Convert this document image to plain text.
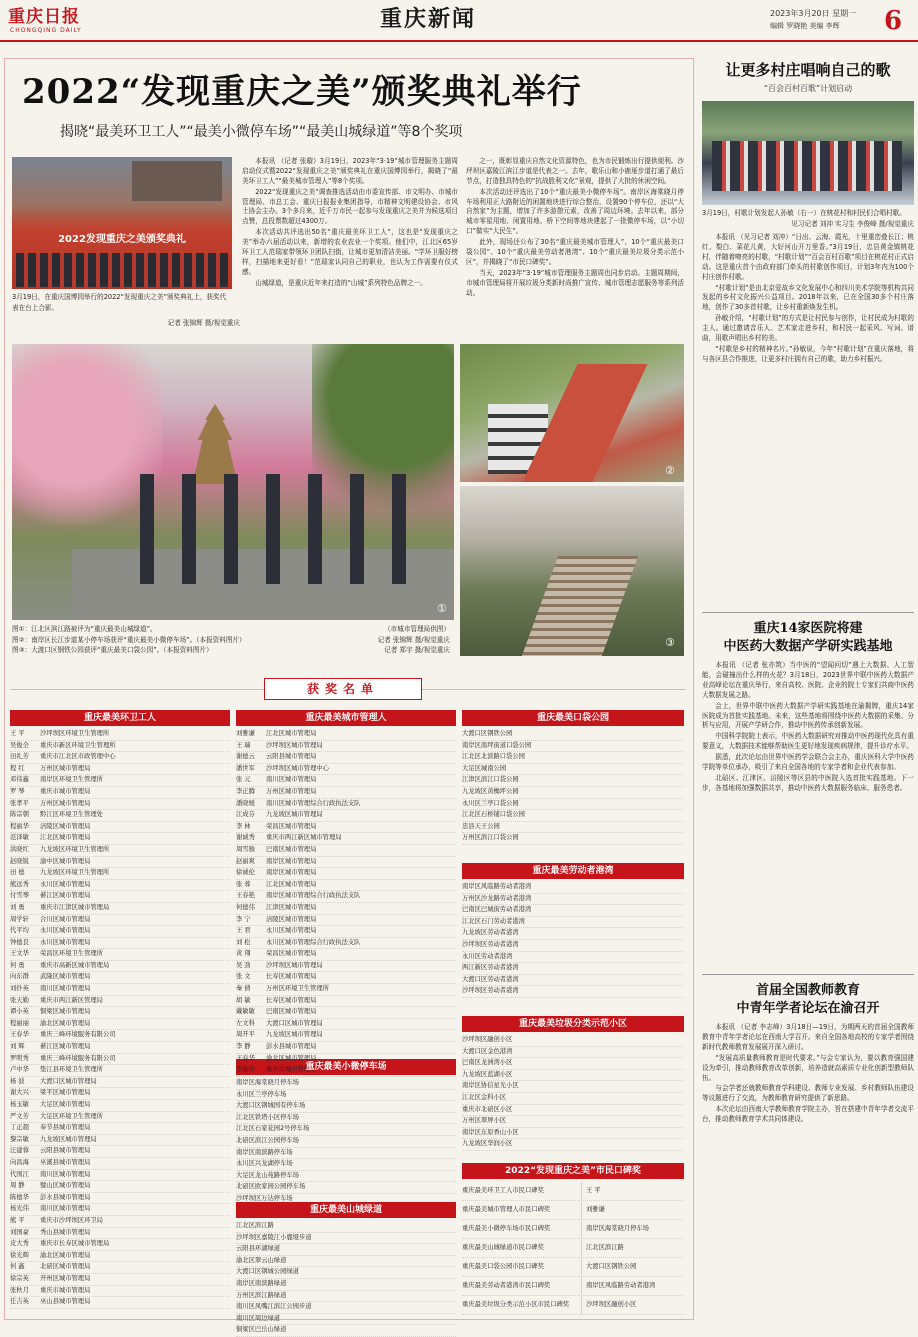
重庆日报
CHONGQING DAILY	重庆新闻	2023年3月20日 星期一
编辑 罗晓艳 美编 李辉 6
2022“发现重庆之美”颁奖典礼举行
揭晓“最美环卫工人”“最美小微停车场”“最美山城绿道”等8个奖项
2022发现重庆之美颁奖典礼
3月19日，在重庆国博园举行的2022“发现重庆之美”颁奖典礼上，获奖代表在台上合影。
记者 张锦辉 摄/视觉重庆

本报讯 （记者 张璇）3月19日，2023年“3·19”城市管理服务主题周启动仪式暨2022“发现重庆之美”颁奖典礼在重庆国博园举行，揭晓了“最美环卫工人”“最美城市管理人”等8个奖项。

2022“发现重庆之美”调查推选活动由市委宣传部、市文明办、市城市管理局、市总工会、重庆日报报业集团指导，市精神文明建设协会、市风土协会主办。3个多月来，近千万市民一起参与发现重庆之美并为候选项目点赞，总投票数超过4300万。

本次活动共评选出50名“重庆最美环卫工人”，这也是“发现重庆之美”举办六届活动以来，新增的农业农业一个奖项。他们中，江北区65岁环卫工人范瑞家带领环卫团队扫街，让城市更加清洁美丽。“学环卫服好榜样，扫描地来更好看！”范瑞家认同自己的职业，也认为工作需要有仪式感。

山城绿道，是重庆近年来打造的“山城”系列特色品牌之一。

之一，既彰显重庆自然文化资源特色，也为市民锻炼出行提供便利。沙坪坝区嘉陵江滨江步道是代表之一。去年，歌乐山和小鹿垭步道打通了最后节点，打造独具特色的“抗战胜利文化”景观，提供了大批的休闲空间。

本次活动还评选出了10个“重庆最美小微停车场”。南岸区海棠晓月停车场利用正大路附近的闲置地块进行综合整治，设置90个停车位，还以“大自然家”为主题，增加了许多游憩元素，改善了周边环境。去年以来，部分城市零星用地、闲置用地、桥下空间等地块建起了一批微停车场，以“小切口”做实“大民生”。

此外，现场还公布了30名“重庆最美城市管理人”、10个“重庆最美口袋公园”、10个“重庆最美劳动者港湾”、10个“重庆最美垃圾分类示范小区”，并揭晓了“市民口碑奖”。

当天，2023年“3·19”城市管理服务主题周也同步启动。主题周期间，市城市管理局将开展垃圾分类新时尚推广宣传、城市管理志愿服务等系列活动。

①
②
③
图①：江北区滨江路被评为“重庆最美山城绿道”。
图②：南岸区长江步道某小停车场获评“重庆最美小微停车场”。（本报资料图片）
图③：大渡口区钢铁公园获评“重庆最美口袋公园”。（本报资料图片）
（市城市管理局供图）
记者 张锦辉 摄/视觉重庆
记者 郑宇 摄/视觉重庆
获奖名单
重庆最美环卫工人
王 平	沙坪坝区环境卫生管理所
吴俊全	重庆市新区环境卫生管理所
田礼芳	重庆市江北区市政管理中心
程 红	万州区城市管理局
邓伟鑫	南岸区环境卫生管理所
罗 琴	重庆市城市管理局
张孝平	万州区城市管理局
陈宗朝	黔江区环境卫生管理处
程丽华	涪陵区城市管理局
范泽敏	江北区城市管理局
洪晓红	九龙坡区环境卫生管理所
赵晓锐	渝中区城市管理局
田 德	九龙坡区环境卫生管理所
熊远秀	永川区城市管理局
付雪琴	綦江区城市管理局
刘 勇	重庆市江津区城市管理局
周学轩	合川区城市管理局
代平均	永川区城市管理局
钟德良	永川区城市管理局
王文华	荣昌区环境卫生管理所
何 勇	重庆市高新区城市管理局
向东群	武隆区城市管理局
刘扑英	南川区城市管理局
张天勤	重庆市两江新区管理局
谭小英	铜梁区城市管理局
程丽丽	渝北区城市管理局
王春华	重庆三峰环境服务有限公司
刘 辉	綦江区城市管理局
罗明秀	重庆三峰环境服务有限公司
卢中华	垫江县环境卫生管理所
杨 波	大渡口区城市管理局
谢大兴	梁平区城市管理局
杨玉敏	大足区城市管理局
严文芳	大足区环境卫生管理所
丁正超	奉节县城市管理局
黎宗敏	九龙坡区城市管理局
汪建蓉	云阳县城市管理局
向昌海	巫溪县城市管理局
代国江	南川区城市管理局
周 静	璧山区城市管理局
陈德华	彭水县城市管理局
杨光伟	南川区城市管理局
熊 平	重庆市沙坪坝区环卫局
刘国豪	秀山县城市管理局
皮大秀	重庆市长寿区城市管理局
徐光辉	渝北区城市管理局
何 鑫	北碚区城市管理局
徐宗英	开州区城市管理局
张秋月	重庆市城市管理局
任吉英	巫山县城市管理局
重庆最美城市管理人
刘雅谦	江北区城市管理局
王 瑞	沙坪坝区城市管理局
谢德云	云阳县城市管理局
潘世军	沙坪坝区城市管理中心
张 元	南川区城市管理局
李正腾	万州区城市管理局
潘晓媛	南川区城市管理综合行政执法支队
江成芬	九龙坡区城市管理局
李 林	荣昌区城市管理局
谢诚秀	重庆市两江新区城市管理局
周雪骏	巴南区城市管理局
赵丽爽	南岸区城市管理局
徐诚伦	南岸区城市管理局
张 蓉	江北区城市管理局
王春艳	南岸区城市管理综合行政执法支队
何德伟	江津区城市管理局
李 宁	涪陵区城市管理局
王 君	永川区城市管理局
刘 松	永川区城市管理综合行政执法支队
黄 翔	荣昌区城市管理局
吴 劲	沙坪坝区城市管理局
张 文	长寿区城市管理局
秦 倩	万州区环境卫生管理所
胡 敏	长寿区城市管理局
戴敏敏	巴南区城市管理局
左文科	大渡口区城市管理局
周开平	九龙坡区城市管理局
李 静	彭水县城市管理局
王春华	渝北区城市管理局
李艳伶	重庆市城市管理局
重庆最美小微停车场
南岸区海棠晓月停车场
永川区兰亭停车场
大渡口区钢城国有停车场
江北区铁塔小区停车场
江北区石家花园2号停车场
北碚区滨江公园停车场
南岸区南滨路停车场
永川区兴龙湖停车场
大足区龙山苑路停车场
北碚区欧家园公园停车场
沙坪坝区万达停车场
重庆最美山城绿道
江北区滨江路
沙坪坝区嘉陵江小鹿垭步道
云阳县环湖绿道
渝北区翠云山绿道
大渡口区钢城公园绿道
南岸区南滨路绿道
万州区滨江路绿道
南川区凤嘴江滨江公园步道
南川区周边绿道
铜梁区巴岳山绿道
重庆最美口袋公园
大渡口区钢铁公园
南岸区南坪街道口袋公园
江北区北滨路口袋公园
大足区城南公园
江津区滨江口袋公园
九龙坡区黄桷坪公园
永川区兰亭口袋公园
江北区石桥铺口袋公园
忠县天王公园
万州区滨江口袋公园
重庆最美劳动者港湾
南岸区风临路劳动者港湾
万州区沙龙路劳动者港湾
巴南区巴城街劳动者港湾
江北区石门劳动者港湾
九龙坡区劳动者港湾
沙坪坝区劳动者港湾
永川区劳动者港湾
两江新区劳动者港湾
大渡口区劳动者港湾
沙坪坝区劳动者港湾
重庆最美垃圾分类示范小区
沙坪坝区融创小区
大渡口区金色港湾
巴南区龙洲湾小区
九龙坡区蓝湖小区
南岸区协信星光小区
江北区金科小区
重庆市北碚区小区
万州区翠屏小区
南岸区东原香山小区
九龙坡区华润小区
2022“发现重庆之美”市民口碑奖
重庆最美环卫工人市民口碑奖	王 平
重庆最美城市管理人市民口碑奖	刘雅谦
重庆最美小微停车场市民口碑奖	南岸区海棠晓月停车场
重庆最美山城绿道市民口碑奖	江北区滨江路
重庆最美口袋公园市民口碑奖	大渡口区钢铁公园
重庆最美劳动者港湾市民口碑奖	南岸区风临路劳动者港湾
重庆最美垃圾分类示范小区市民口碑奖	沙坪坝区融创小区
让更多村庄唱响自己的歌
“百会百村百歌”计划启动
3月19日，村歌计划发起人孙敏（右一）在桃花村和村民们合唱村歌。
见习记者 刘冲 实习生 李俊峰 摄/视觉重庆

本报讯 （见习记者 刘冲）“日出、云海、霞光，十里重峦叠长江；桃红、梨白、菜花儿黄，大好河山开万里香。”3月19日，忠县黄金镇桃花村，伴随着嘹亮的村歌，“村歌计划”“百会百村百歌”项目在桃花村正式启动。这是重庆首个由政府部门牵头的村歌创作项目，计划3年内为100个村庄创作村歌。

“村歌计划”是由北京爱故乡文化发展中心和四川美术学院等机构共同发起的乡村文化振兴公益项目。2018年以来，已在全国30多个村庄落地，创作了30多首村歌，让乡村重新焕发生机。

孙敏介绍，“村歌计划”的方式是让村民参与创作，让村民成为村歌的主人。通过邀请音乐人、艺术家走进乡村，和村民一起采风、写词、谱曲，用歌声唱出乡村的美。

“村歌是乡村的精神名片。”孙敏说，今年“村歌计划”在重庆落地，将与各区县合作推进，让更多村庄拥有自己的歌，助力乡村振兴。

重庆14家医院将建
中医药大数据产学研实践基地

本报讯 （记者 张亦筑）当中医的“望闻问切”遇上大数据、人工智能，会碰撞出什么样的火花？3月18日，2023世界中联中医药大数据产业高峰论坛在重庆举行，来自高校、医院、企业的院士专家们共商中医药大数据发展之路。

会上，世界中联中医药大数据产学研实践基地在渝揭牌，重庆14家医院成为首批实践基地。未来，这些基地将围绕中医药大数据的采集、分析与应用，开展产学研合作，推动中医药传承创新发展。

中国科学院院士表示，中医药大数据研究对推动中医药现代化具有重要意义，大数据技术能够帮助医生更好地发现疾病规律，提升诊疗水平。

据悉，此次论坛由世界中医药学会联合会主办，重庆医科大学中医药学院等单位承办，吸引了来自全国各地的专家学者和企业代表参加。

北碚区、江津区、涪陵区等区县的中医院入选首批实践基地。下一步，各基地将加强数据共享，推动中医药大数据服务临床、服务患者。

首届全国教师教育
中青年学者论坛在渝召开

本报讯 （记者 李志峰）3月18日—19日，为期两天的首届全国教师教育中青年学者论坛在西南大学召开。来自全国各地高校的专家学者围绕新时代教师教育发展展开深入研讨。

“发展高质量教师教育是时代要求。”与会专家认为，要以教育强国建设为牵引，推动教师教育改革创新，培养造就高素质专业化创新型教师队伍。

与会学者还就教师教育学科建设、教师专业发展、乡村教师队伍建设等议题进行了交流，为教师教育研究提供了新思路。

本次论坛由西南大学教师教育学院主办，旨在搭建中青年学者交流平台，推动教师教育学术共同体建设。
